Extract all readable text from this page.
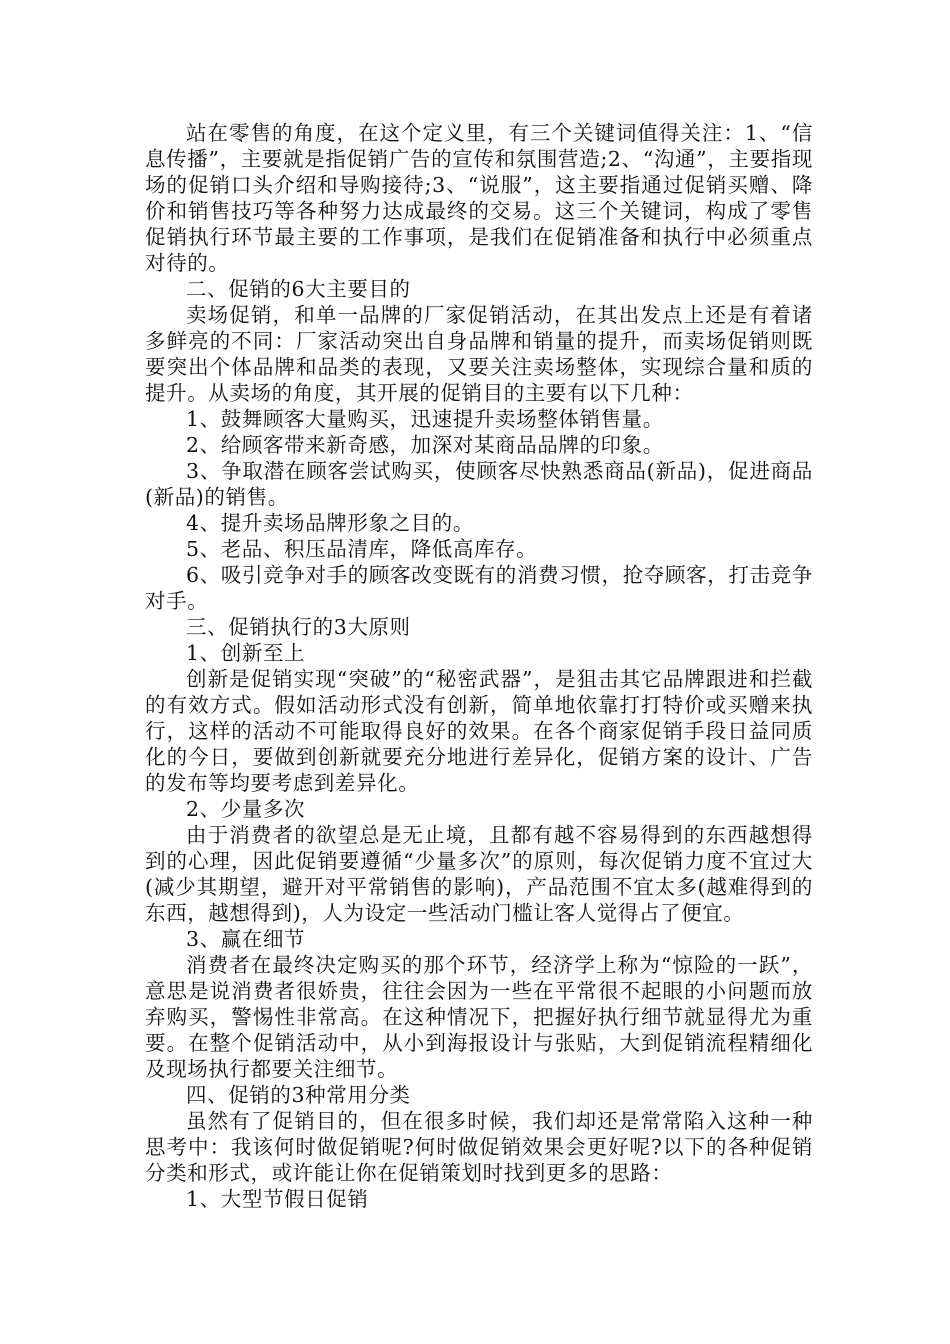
站在零售的角度，在这个定义里，有三个关键词值得关注：1、“信息传播”，主要就是指促销广告的宣传和氛围营造;2、“沟通”，主要指现场的促销口头介绍和导购接待;3、“说服”，这主要指通过促销买赠、降价和销售技巧等各种努力达成最终的交易。这三个关键词，构成了零售促销执行环节最主要的工作事项，是我们在促销准备和执行中必须重点对待的。

二、促销的6大主要目的

卖场促销，和单一品牌的厂家促销活动，在其出发点上还是有着诸多鲜亮的不同：厂家活动突出自身品牌和销量的提升，而卖场促销则既要突出个体品牌和品类的表现，又要关注卖场整体，实现综合量和质的提升。从卖场的角度，其开展的促销目的主要有以下几种：

1、鼓舞顾客大量购买，迅速提升卖场整体销售量。

2、给顾客带来新奇感，加深对某商品品牌的印象。

3、争取潜在顾客尝试购买，使顾客尽快熟悉商品(新品)，促进商品(新品)的销售。

4、提升卖场品牌形象之目的。

5、老品、积压品清库，降低高库存。

6、吸引竞争对手的顾客改变既有的消费习惯，抢夺顾客，打击竞争对手。

三、促销执行的3大原则

1、创新至上

创新是促销实现“突破”的“秘密武器”，是狙击其它品牌跟进和拦截的有效方式。假如活动形式没有创新，简单地依靠打打特价或买赠来执行，这样的活动不可能取得良好的效果。在各个商家促销手段日益同质化的今日，要做到创新就要充分地进行差异化，促销方案的设计、广告的发布等均要考虑到差异化。

2、少量多次

由于消费者的欲望总是无止境，且都有越不容易得到的东西越想得到的心理，因此促销要遵循“少量多次”的原则，每次促销力度不宜过大(减少其期望，避开对平常销售的影响)，产品范围不宜太多(越难得到的东西，越想得到)，人为设定一些活动门槛让客人觉得占了便宜。

3、赢在细节

消费者在最终决定购买的那个环节，经济学上称为“惊险的一跃”，意思是说消费者很娇贵，往往会因为一些在平常很不起眼的小问题而放弃购买，警惕性非常高。在这种情况下，把握好执行细节就显得尤为重要。在整个促销活动中，从小到海报设计与张贴，大到促销流程精细化及现场执行都要关注细节。

四、促销的3种常用分类

虽然有了促销目的，但在很多时候，我们却还是常常陷入这种一种思考中：我该何时做促销呢?何时做促销效果会更好呢?以下的各种促销分类和形式，或许能让你在促销策划时找到更多的思路：

1、大型节假日促销
